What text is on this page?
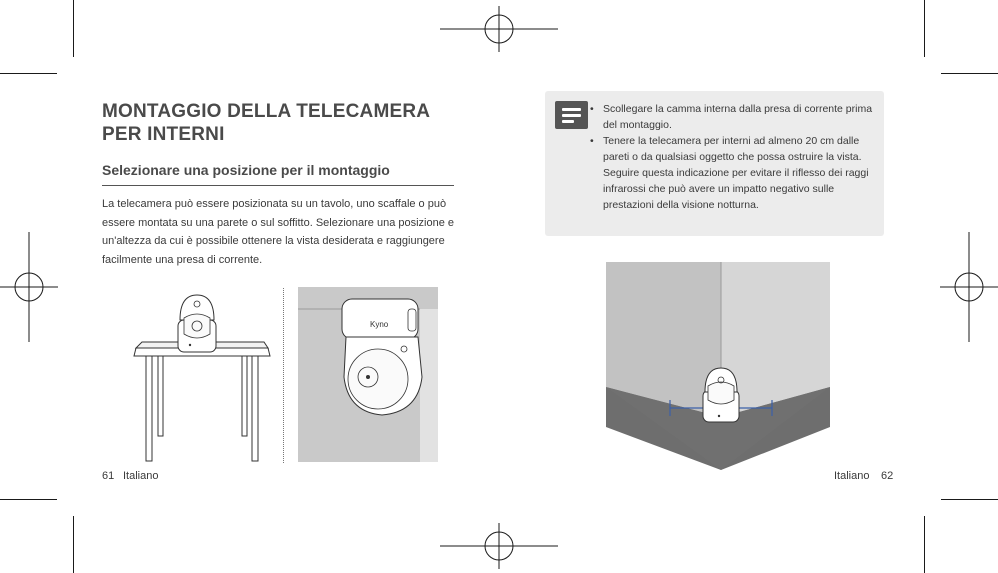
MONTAGGIO DELLA TELECAMERA PER INTERNI
Selezionare una posizione per il montaggio
La telecamera può essere posizionata su un tavolo, uno scaffale o può essere montata su una parete o sul soffitto. Selezionare una posizione e un'altezza da cui è possibile ottenere la vista desiderata e raggiungere facilmente una presa di corrente.
Kyno
61 Italiano
• Scollegare la camma interna dalla presa di corrente prima del montaggio.
• Tenere la telecamera per interni ad almeno 20 cm dalle pareti o da qualsiasi oggetto che possa ostruire la vista. Seguire questa indicazione per evitare il riflesso dei raggi infrarossi che può avere un impatto negativo sulle prestazioni della visione notturna.
Italiano 62
